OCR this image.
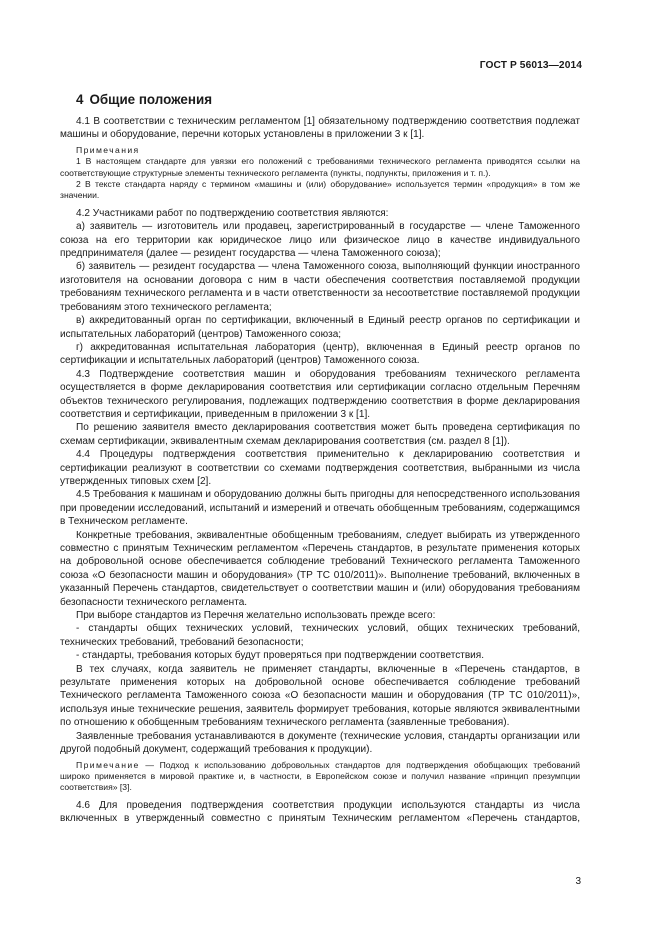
ГОСТ Р 56013—2014
4 Общие положения

4.1 В соответствии с техническим регламентом [1] обязательному подтверждению соответствия подлежат машины и оборудование, перечни которых установлены в приложении 3 к [1].

Примечания

1 В настоящем стандарте для увязки его положений с требованиями технического регламента приводятся ссылки на соответствующие структурные элементы технического регламента (пункты, подпункты, приложения и т. п.).

2 В тексте стандарта наряду с термином «машины и (или) оборудование» используется термин «продукция» в том же значении.

4.2 Участниками работ по подтверждению соответствия являются:

а) заявитель — изготовитель или продавец, зарегистрированный в государстве — члене Таможенного союза на его территории как юридическое лицо или физическое лицо в качестве индивидуального предпринимателя (далее — резидент государства — члена Таможенного союза);

б) заявитель — резидент государства — члена Таможенного союза, выполняющий функции иностранного изготовителя на основании договора с ним в части обеспечения соответствия поставляемой продукции требованиям технического регламента и в части ответственности за несоответствие поставляемой продукции требованиям этого технического регламента;

в) аккредитованный орган по сертификации, включенный в Единый реестр органов по сертификации и испытательных лабораторий (центров) Таможенного союза;

г) аккредитованная испытательная лаборатория (центр), включенная в Единый реестр органов по сертификации и испытательных лабораторий (центров) Таможенного союза.

4.3 Подтверждение соответствия машин и оборудования требованиям технического регламента осуществляется в форме декларирования соответствия или сертификации согласно отдельным Перечням объектов технического регулирования, подлежащих подтверждению соответствия в форме декларирования соответствия и сертификации, приведенным в приложении 3 к [1].

По решению заявителя вместо декларирования соответствия может быть проведена сертификация по схемам сертификации, эквивалентным схемам декларирования соответствия (см. раздел 8 [1]).

4.4 Процедуры подтверждения соответствия применительно к декларированию соответствия и сертификации реализуют в соответствии со схемами подтверждения соответствия, выбранными из числа утвержденных типовых схем [2].

4.5 Требования к машинам и оборудованию должны быть пригодны для непосредственного использования при проведении исследований, испытаний и измерений и отвечать обобщенным требованиям, содержащимся в Техническом регламенте.

Конкретные требования, эквивалентные обобщенным требованиям, следует выбирать из утвержденного совместно с принятым Техническим регламентом «Перечень стандартов, в результате применения которых на добровольной основе обеспечивается соблюдение требований Технического регламента Таможенного союза «О безопасности машин и оборудования» (ТР ТС 010/2011)». Выполнение требований, включенных в указанный Перечень стандартов, свидетельствует о соответствии машин и (или) оборудования требованиям безопасности технического регламента.

При выборе стандартов из Перечня желательно использовать прежде всего:

- стандарты общих технических условий, технических условий, общих технических требований, технических требований, требований безопасности;

- стандарты, требования которых будут проверяться при подтверждении соответствия.

В тех случаях, когда заявитель не применяет стандарты, включенные в «Перечень стандартов, в результате применения которых на добровольной основе обеспечивается соблюдение требований Технического регламента Таможенного союза «О безопасности машин и оборудования (ТР ТС 010/2011)», используя иные технические решения, заявитель формирует требования, которые являются эквивалентными по отношению к обобщенным требованиям технического регламента (заявленные требования).

Заявленные требования устанавливаются в документе (технические условия, стандарты организации или другой подобный документ, содержащий требования к продукции).

Примечание — Подход к использованию добровольных стандартов для подтверждения обобщающих требований широко применяется в мировой практике и, в частности, в Европейском союзе и получил название «принцип презумпции соответствия» [3].

4.6 Для проведения подтверждения соответствия продукции используются стандарты из числа включенных в утвержденный совместно с принятым Техническим регламентом «Перечень стандартов,

3
